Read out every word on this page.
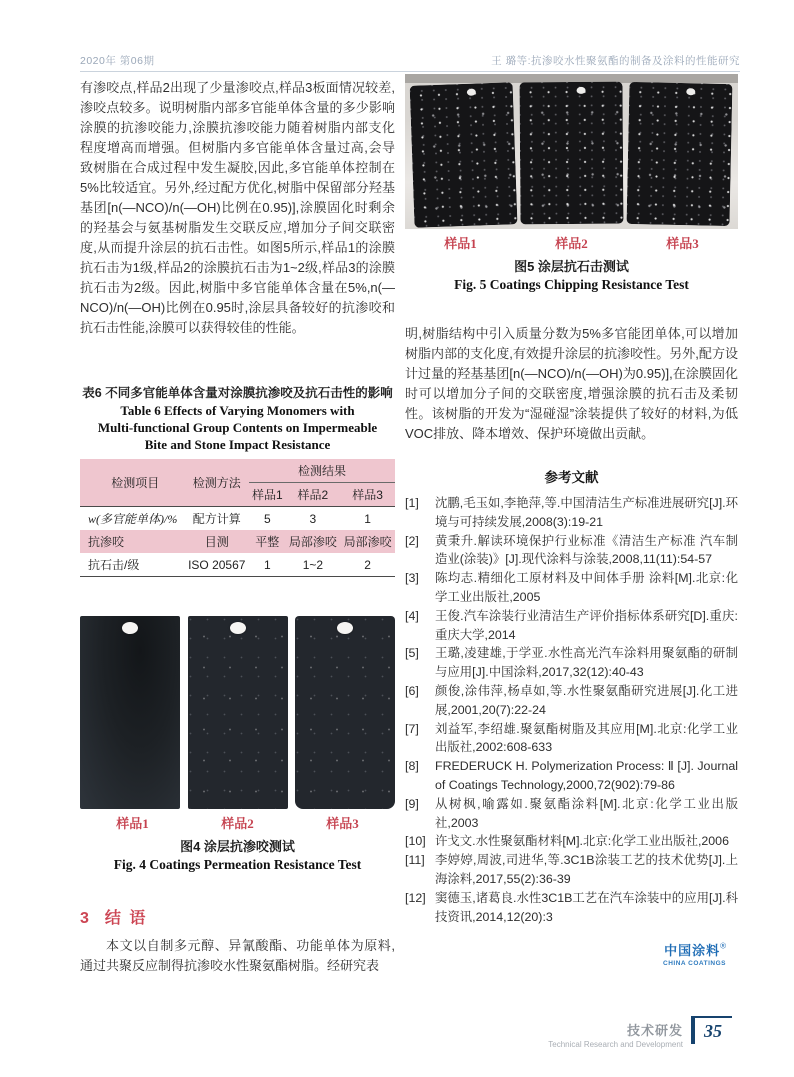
2020年 第06期	王 璐等:抗渗咬水性聚氨酯的制备及涂料的性能研究

有渗咬点,样品2出现了少量渗咬点,样品3板面情况较差,渗咬点较多。说明树脂内部多官能单体含量的多少影响涂膜的抗渗咬能力,涂膜抗渗咬能力随着树脂内部支化程度增高而增强。但树脂内多官能单体含量过高,会导致树脂在合成过程中发生凝胶,因此,多官能单体控制在5%比较适宜。另外,经过配方优化,树脂中保留部分羟基基团[n(—NCO)/n(—OH)比例在0.95)],涂膜固化时剩余的羟基会与氨基树脂发生交联反应,增加分子间交联密度,从而提升涂层的抗石击性。如图5所示,样品1的涂膜抗石击为1级,样品2的涂膜抗石击为1~2级,样品3的涂膜抗石击为2级。因此,树脂中多官能单体含量在5%,n(—NCO)/n(—OH)比例在0.95时,涂层具备较好的抗渗咬和抗石击性能,涂膜可以获得较佳的性能。

表6 不同多官能单体含量对涂膜抗渗咬及抗石击性的影响
Table 6 Effects of Varying Monomers with
Multi-functional Group Contents on Impermeable
Bite and Stone Impact Resistance
检测项目	检测方法	检测结果		
		样品1	样品2	样品3
w(多官能单体)/%	配方计算	5	3	1
抗渗咬	目测	平整	局部渗咬	局部渗咬
抗石击/级	ISO 20567	1	1~2	2
样品1	样品2	样品3
图4 涂层抗渗咬测试
Fig. 4 Coatings Permeation Resistance Test
3 结 语

本文以自制多元醇、异氰酸酯、功能单体为原料,通过共聚反应制得抗渗咬水性聚氨酯树脂。经研究表

样品1	样品2	样品3
图5 涂层抗石击测试
Fig. 5 Coatings Chipping Resistance Test

明,树脂结构中引入质量分数为5%多官能团单体,可以增加树脂内部的支化度,有效提升涂层的抗渗咬性。另外,配方设计过量的羟基基团[n(—NCO)/n(—OH)为0.95)],在涂膜固化时可以增加分子间的交联密度,增强涂膜的抗石击及柔韧性。该树脂的开发为“湿碰湿”涂装提供了较好的材料,为低VOC排放、降本增效、保护环境做出贡献。

参考文献
[1]	沈鹏,毛玉如,李艳萍,等.中国清洁生产标准进展研究[J].环境与可持续发展,2008(3):19-21
[2]	黄秉升.解读环境保护行业标准《清洁生产标准 汽车制造业(涂装)》[J].现代涂料与涂装,2008,11(11):54-57
[3]	陈均志.精细化工原材料及中间体手册 涂料[M].北京:化学工业出版社,2005
[4]	王俊.汽车涂装行业清洁生产评价指标体系研究[D].重庆:重庆大学,2014
[5]	王璐,凌建雄,于学亚.水性高光汽车涂料用聚氨酯的研制与应用[J].中国涂料,2017,32(12):40-43
[6]	颜俊,涂伟萍,杨卓如,等.水性聚氨酯研究进展[J].化工进展,2001,20(7):22-24
[7]	刘益军,李绍雄.聚氨酯树脂及其应用[M].北京:化学工业出版社,2002:608-633
[8]	FREDERUCK H. Polymerization Process: Ⅱ [J]. Journal of Coatings Technology,2000,72(902):79-86
[9]	从树枫,喻露如.聚氨酯涂料[M].北京:化学工业出版社,2003
[10] 许戈文.水性聚氨酯材料[M].北京:化学工业出版社,2006
[11] 李婷婷,周波,司进华,等.3C1B涂装工艺的技术优势[J].上海涂料,2017,55(2):36-39
[12] 窦德玉,诸葛良.水性3C1B工艺在汽车涂装中的应用[J].科技资讯,2014,12(20):3
中国涂料®
CHINA COATINGS
技术研发
Technical Research and Development
35
